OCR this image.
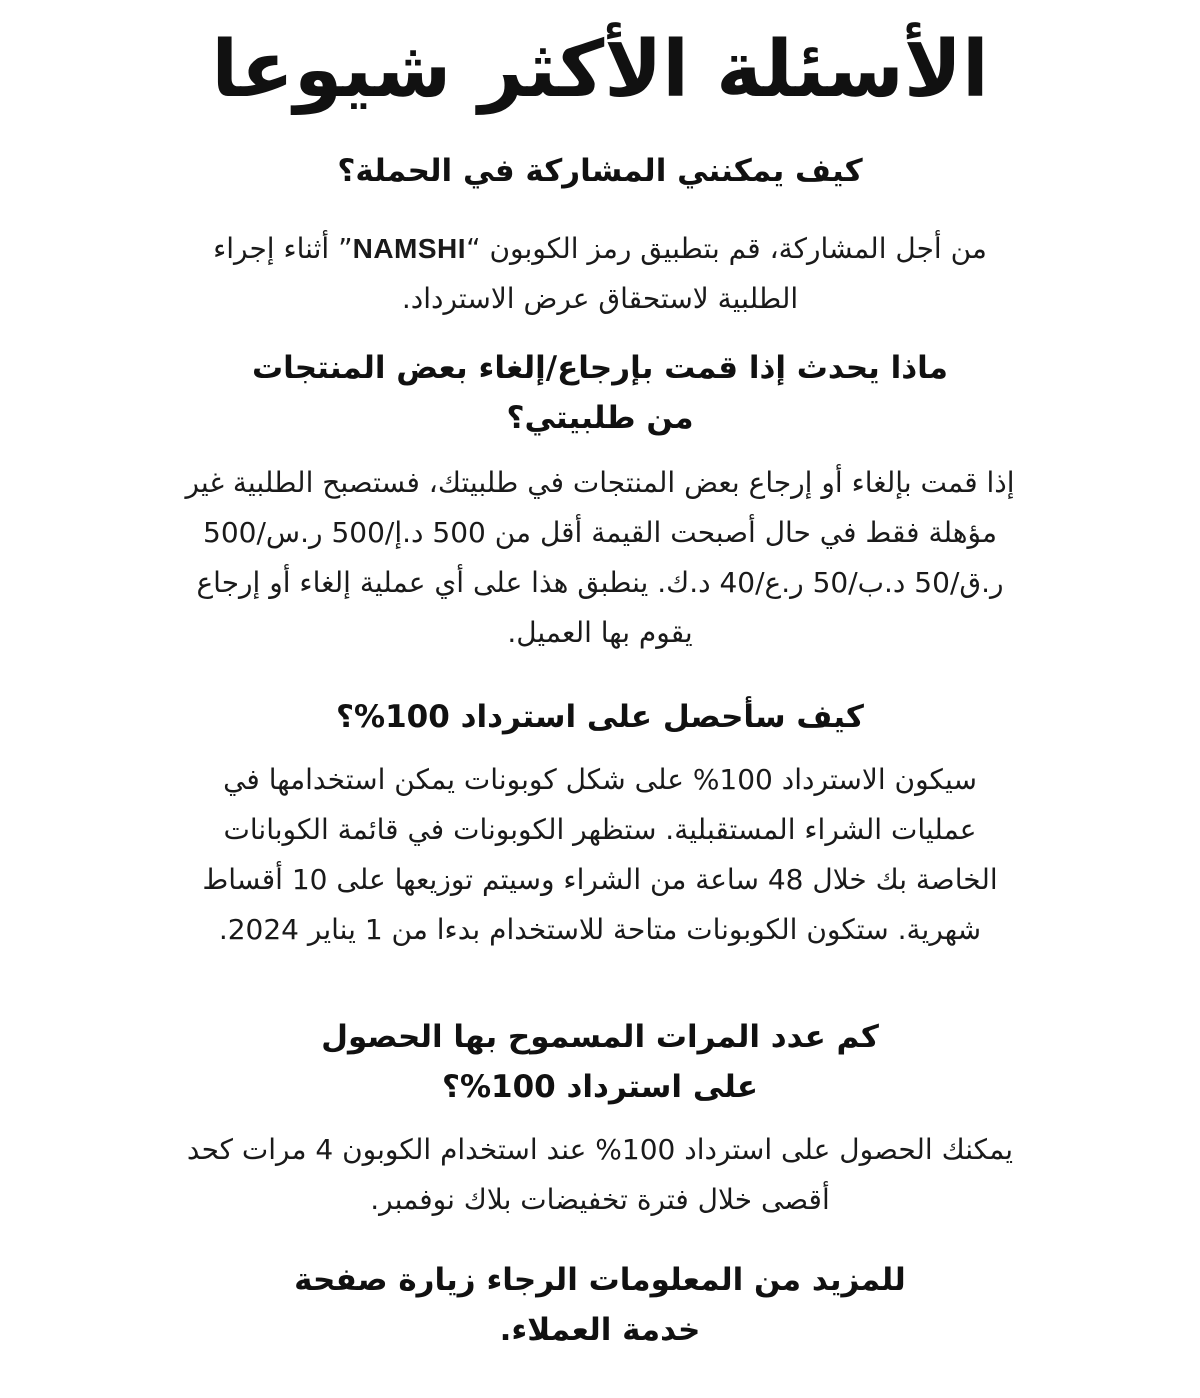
الأسئلة الأكثر شيوعا
كيف يمكنني المشاركة في الحملة؟
من أجل المشاركة، قم بتطبيق رمز الكوبون “NAMSHI” أثناء إجراء الطلبية لاستحقاق عرض الاسترداد.
ماذا يحدث إذا قمت بإرجاع/إلغاء بعض المنتجات من طلبيتي؟
إذا قمت بإلغاء أو إرجاع بعض المنتجات في طلبيتك، فستصبح الطلبية غير مؤهلة فقط في حال أصبحت القيمة أقل من 500 د.إ/500 ر.س/500 ر.ق/50 د.ب/50 ر.ع/40 د.ك. ينطبق هذا على أي عملية إلغاء أو إرجاع يقوم بها العميل.
كيف سأحصل على استرداد 100%؟
سيكون الاسترداد 100% على شكل كوبونات يمكن استخدامها في عمليات الشراء المستقبلية. ستظهر الكوبونات في قائمة الكوبانات الخاصة بك خلال 48 ساعة من الشراء وسيتم توزيعها على 10 أقساط شهرية. ستكون الكوبونات متاحة للاستخدام بدءا من 1 يناير 2024.
كم عدد المرات المسموح بها الحصول على استرداد 100%؟
يمكنك الحصول على استرداد 100% عند استخدام الكوبون 4 مرات كحد أقصى خلال فترة تخفيضات بلاك نوفمبر.
للمزيد من المعلومات الرجاء زيارة صفحة خدمة العملاء.
